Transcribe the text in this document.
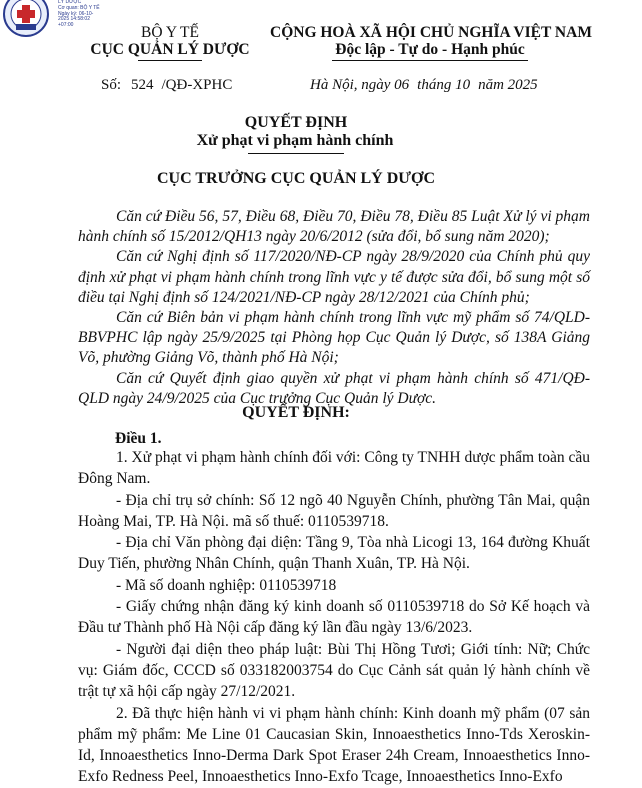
LÝ DƯỢC
Cơ quan: BỘ Y TẾ
Ngày ký: 06-10-
2025 14:58:02
+07:00	BỘ Y TẾ
CỤC QUẢN LÝ DƯỢC
CỘNG HOÀ XÃ HỘI CHỦ NGHĨA VIỆT NAM
Độc lập - Tự do - Hạnh phúc
Số: 524 /QĐ-XPHC	Hà Nội, ngày 06 tháng 10 năm 2025
QUYẾT ĐỊNH
Xử phạt vi phạm hành chính
CỤC TRƯỞNG CỤC QUẢN LÝ DƯỢC

Căn cứ Điều 56, 57, Điều 68, Điều 70, Điều 78, Điều 85 Luật Xử lý vi phạm hành chính số 15/2012/QH13 ngày 20/6/2012 (sửa đổi, bổ sung năm 2020);

Căn cứ Nghị định số 117/2020/NĐ-CP ngày 28/9/2020 của Chính phủ quy định xử phạt vi phạm hành chính trong lĩnh vực y tế được sửa đổi, bổ sung một số điều tại Nghị định số 124/2021/NĐ-CP ngày 28/12/2021 của Chính phủ;

Căn cứ Biên bản vi phạm hành chính trong lĩnh vực mỹ phẩm số 74/QLD-BBVPHC lập ngày 25/9/2025 tại Phòng họp Cục Quản lý Dược, số 138A Giảng Võ, phường Giảng Võ, thành phố Hà Nội;

Căn cứ Quyết định giao quyền xử phạt vi phạm hành chính số 471/QĐ-QLD ngày 24/9/2025 của Cục trưởng Cục Quản lý Dược.

QUYẾT ĐỊNH:
Điều 1.

1. Xử phạt vi phạm hành chính đối với: Công ty TNHH dược phẩm toàn cầu Đông Nam.

- Địa chỉ trụ sở chính: Số 12 ngõ 40 Nguyễn Chính, phường Tân Mai, quận Hoàng Mai, TP. Hà Nội. mã số thuế: 0110539718.

- Địa chỉ Văn phòng đại diện: Tầng 9, Tòa nhà Licogi 13, 164 đường Khuất Duy Tiến, phường Nhân Chính, quận Thanh Xuân, TP. Hà Nội.

- Mã số doanh nghiệp: 0110539718

- Giấy chứng nhận đăng ký kinh doanh số 0110539718 do Sở Kế hoạch và Đầu tư Thành phố Hà Nội cấp đăng ký lần đầu ngày 13/6/2023.

- Người đại diện theo pháp luật: Bùi Thị Hồng Tươi; Giới tính: Nữ; Chức vụ: Giám đốc, CCCD số 033182003754 do Cục Cảnh sát quản lý hành chính về trật tự xã hội cấp ngày 27/12/2021.

2. Đã thực hiện hành vi vi phạm hành chính: Kinh doanh mỹ phẩm (07 sản phẩm mỹ phẩm: Me Line 01 Caucasian Skin, Innoaesthetics Inno-Tds Xeroskin-Id, Innoaesthetics Inno-Derma Dark Spot Eraser 24h Cream, Innoaesthetics Inno-Exfo Redness Peel, Innoaesthetics Inno-Exfo Tcage, Innoaesthetics Inno-Exfo
